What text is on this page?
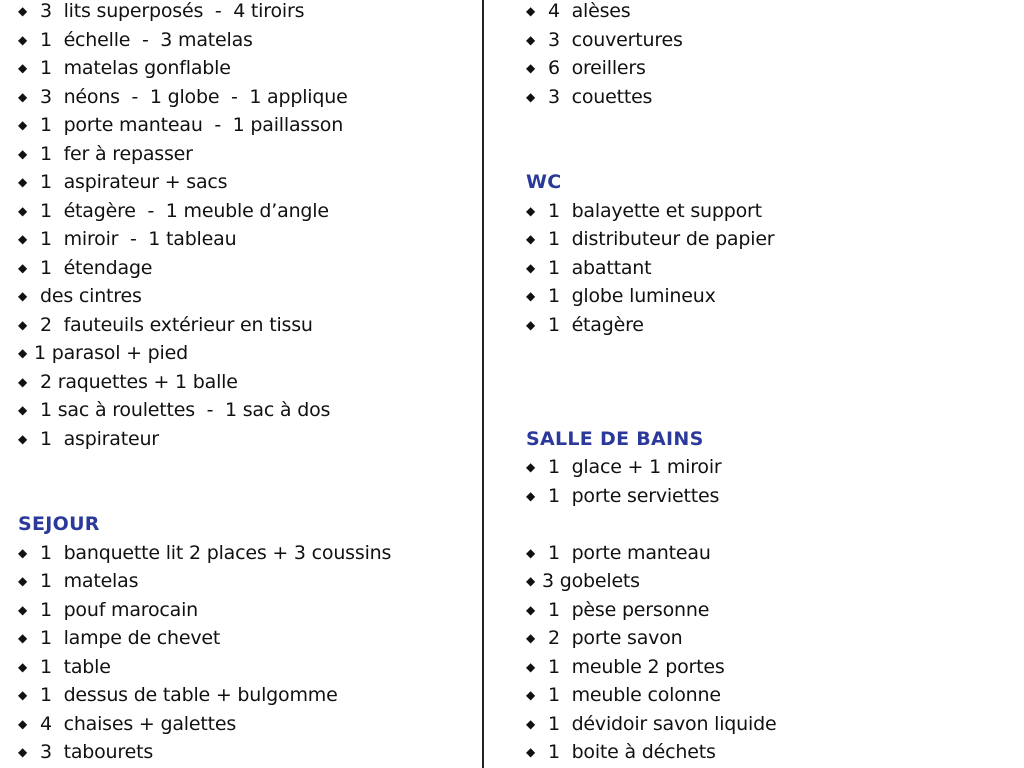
◆ 3  lits superposés  -  4 tiroirs
◆ 1  échelle  -  3 matelas
◆ 1  matelas gonflable
◆ 3  néons  -  1 globe  -  1 applique
◆ 1  porte manteau  -  1 paillasson
◆ 1  fer à repasser
◆ 1  aspirateur + sacs
◆ 1  étagère  -  1 meuble d’angle
◆ 1  miroir  -  1 tableau
◆ 1  étendage
◆ des cintres
◆ 2  fauteuils extérieur en tissu
◆ 1 parasol + pied
◆ 2 raquettes + 1 balle
◆ 1 sac à roulettes  -  1 sac à dos
◆ 1  aspirateur
SEJOUR
◆ 1  banquette lit 2 places + 3 coussins
◆ 1  matelas
◆ 1  pouf marocain
◆ 1  lampe de chevet
◆ 1  table
◆ 1  dessus de table + bulgomme
◆ 4  chaises + galettes
◆ 3  tabourets
◆ 4  alèses
◆ 3  couvertures
◆ 6  oreillers
◆ 3  couettes
WC
◆ 1  balayette et support
◆ 1  distributeur de papier
◆ 1  abattant
◆ 1  globe lumineux
◆ 1  étagère
SALLE DE BAINS
◆ 1  glace + 1 miroir
◆ 1  porte serviettes
◆ 1  porte manteau
◆ 3 gobelets
◆ 1  pèse personne
◆ 2  porte savon
◆ 1  meuble 2 portes
◆ 1  meuble colonne
◆ 1  dévidoir savon liquide
◆ 1  boite à déchets
